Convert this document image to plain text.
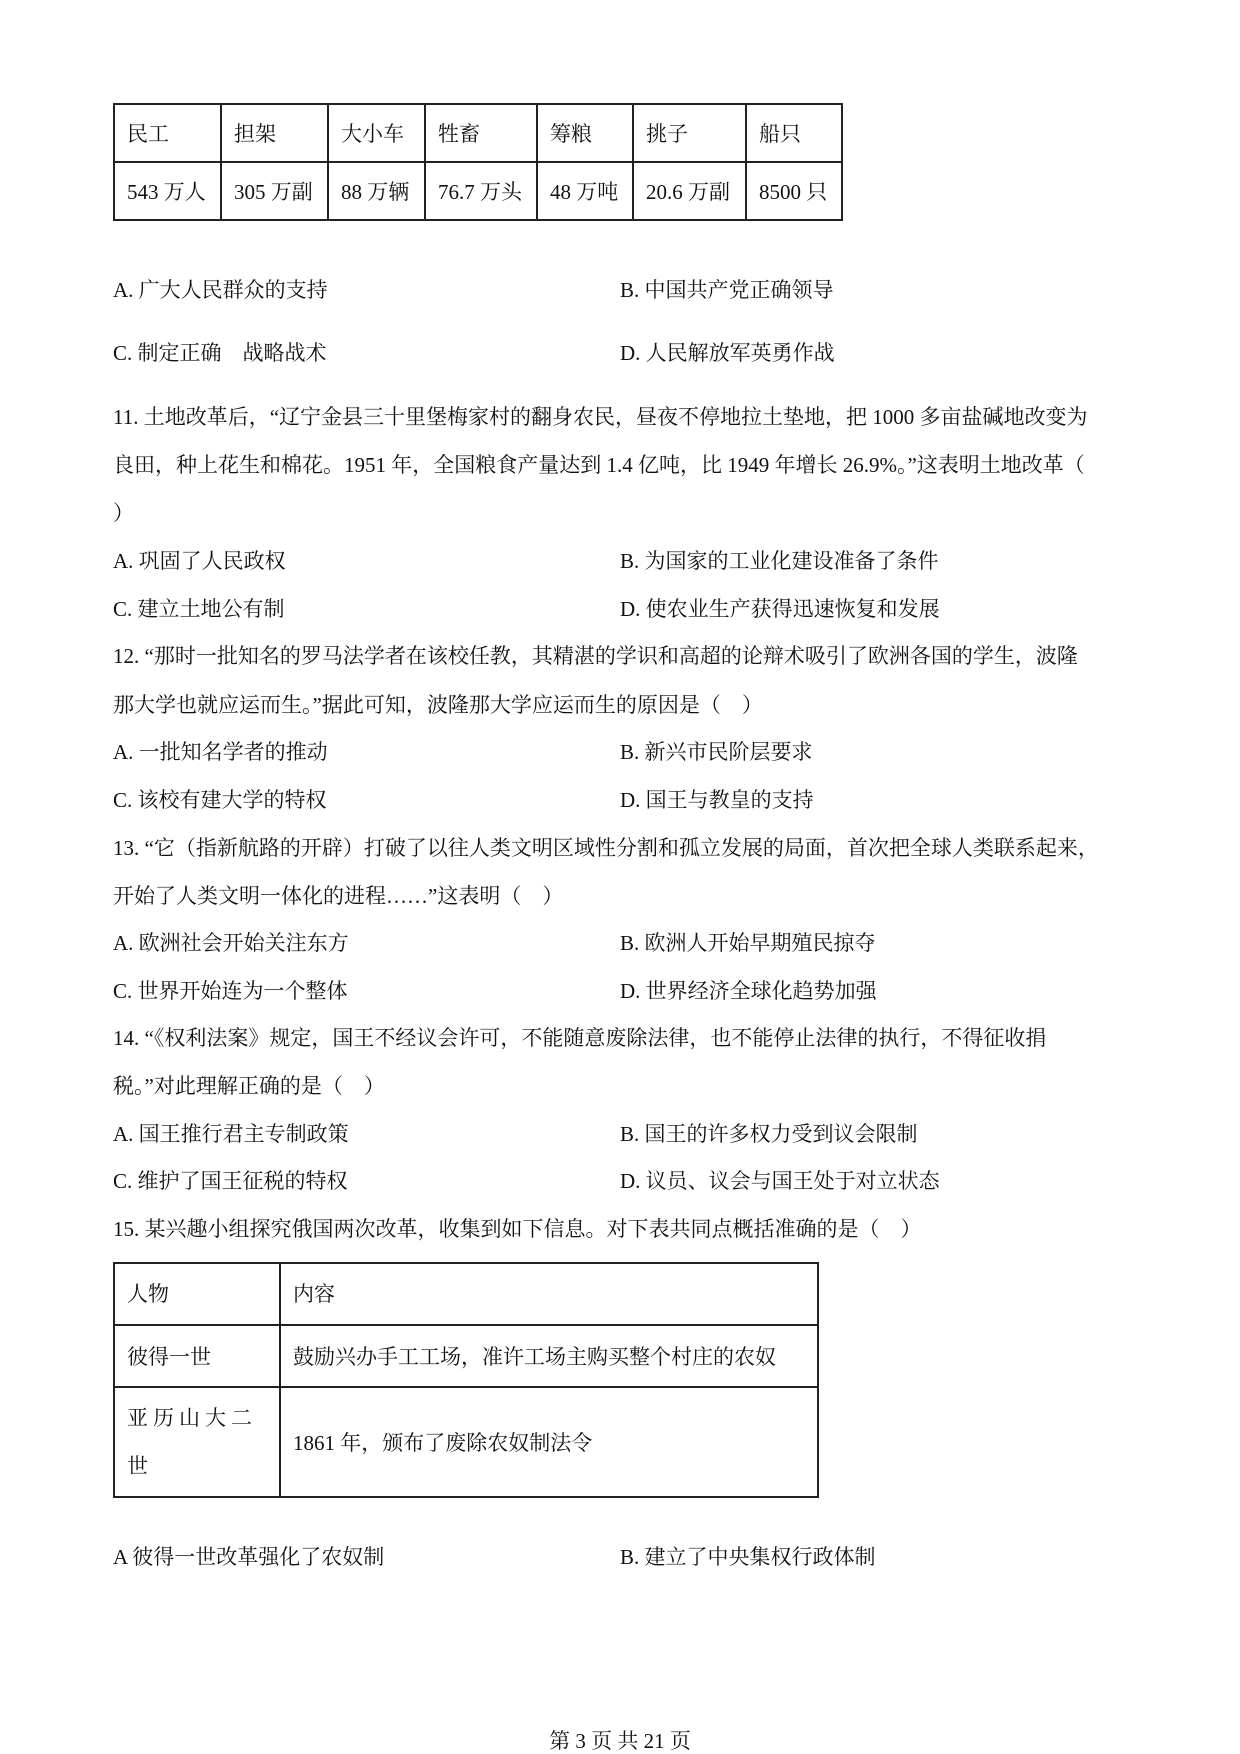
民工	担架	大小车	牲畜	筹粮	挑子	船只
543 万人	305 万副	88 万辆	76.7 万头	48 万吨	20.6 万副	8500 只
A. 广大人民群众的支持	B. 中国共产党正确领导
C. 制定正确　战略战术	D. 人民解放军英勇作战
11. 土地改革后，“辽宁金县三十里堡梅家村的翻身农民，昼夜不停地拉土垫地，把 1000 多亩盐碱地改变为
良田，种上花生和棉花。1951 年，全国粮食产量达到 1.4 亿吨，比 1949 年增长 26.9%。”这表明土地改革（
）
A. 巩固了人民政权	B. 为国家的工业化建设准备了条件
C. 建立土地公有制	D. 使农业生产获得迅速恢复和发展
12. “那时一批知名的罗马法学者在该校任教，其精湛的学识和高超的论辩术吸引了欧洲各国的学生，波隆
那大学也就应运而生。”据此可知，波隆那大学应运而生的原因是（　）
A. 一批知名学者的推动	B. 新兴市民阶层要求
C. 该校有建大学的特权	D. 国王与教皇的支持
13. “它（指新航路的开辟）打破了以往人类文明区域性分割和孤立发展的局面，首次把全球人类联系起来，
开始了人类文明一体化的进程……”这表明（　）
A. 欧洲社会开始关注东方	B. 欧洲人开始早期殖民掠夺
C. 世界开始连为一个整体	D. 世界经济全球化趋势加强
14. “《权利法案》规定，国王不经议会许可，不能随意废除法律，也不能停止法律的执行，不得征收捐
税。”对此理解正确的是（　）
A. 国王推行君主专制政策	B. 国王的许多权力受到议会限制
C. 维护了国王征税的特权	D. 议员、议会与国王处于对立状态
15. 某兴趣小组探究俄国两次改革，收集到如下信息。对下表共同点概括准确的是（　）
人物	内容
彼得一世	鼓励兴办手工工场，准许工场主购买整个村庄的农奴

亚历山大二世	1861 年，颁布了废除农奴制法令
A 彼得一世改革强化了农奴制	B. 建立了中央集权行政体制
第 3 页 共 21 页
